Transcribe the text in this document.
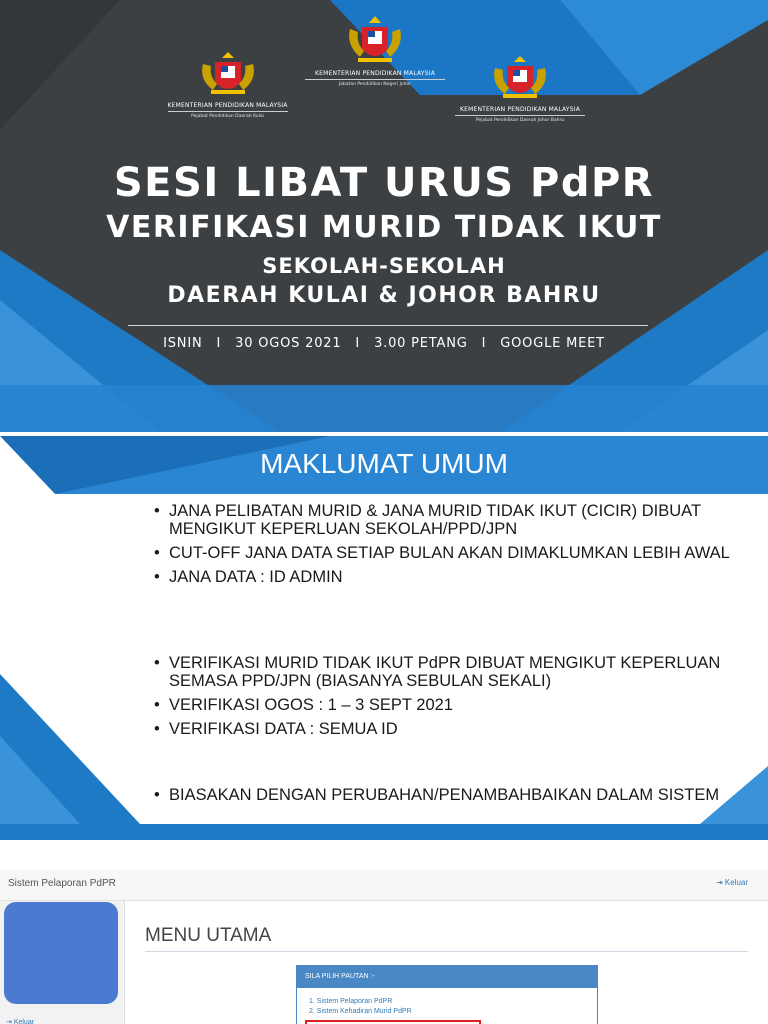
KEMENTERIAN PENDIDIKAN MALAYSIA
Pejabat Pendidikan Daerah Kulai
KEMENTERIAN PENDIDIKAN MALAYSIA
Jabatan Pendidikan Negeri Johor
KEMENTERIAN PENDIDIKAN MALAYSIA
Pejabat Pendidikan Daerah Johor Bahru
SESI LIBAT URUS PdPR
VERIFIKASI MURID TIDAK IKUT
SEKOLAH-SEKOLAH
DAERAH KULAI & JOHOR BAHRU
ISNIN I 30 OGOS 2021 I 3.00 PETANG I GOOGLE MEET
MAKLUMAT UMUM
• JANA PELIBATAN MURID & JANA MURID TIDAK IKUT (CICIR) DIBUAT MENGIKUT KEPERLUAN SEKOLAH/PPD/JPN
• CUT-OFF JANA DATA SETIAP BULAN AKAN DIMAKLUMKAN LEBIH AWAL
• JANA DATA : ID ADMIN
• VERIFIKASI MURID TIDAK IKUT PdPR DIBUAT MENGIKUT KEPERLUAN SEMASA PPD/JPN (BIASANYA SEBULAN SEKALI)
• VERIFIKASI OGOS : 1 – 3 SEPT 2021
• VERIFIKASI DATA : SEMUA ID
• BIASAKAN DENGAN PERUBAHAN/PENAMBAHBAIKAN DALAM SISTEM
Sistem Pelaporan PdPR	⇥ Keluar
⇥ Keluar
MENU UTAMA
SILA PILIH PAUTAN :-
1. Sistem Pelaporan PdPR
2. Sistem Kehadiran Murid PdPR
